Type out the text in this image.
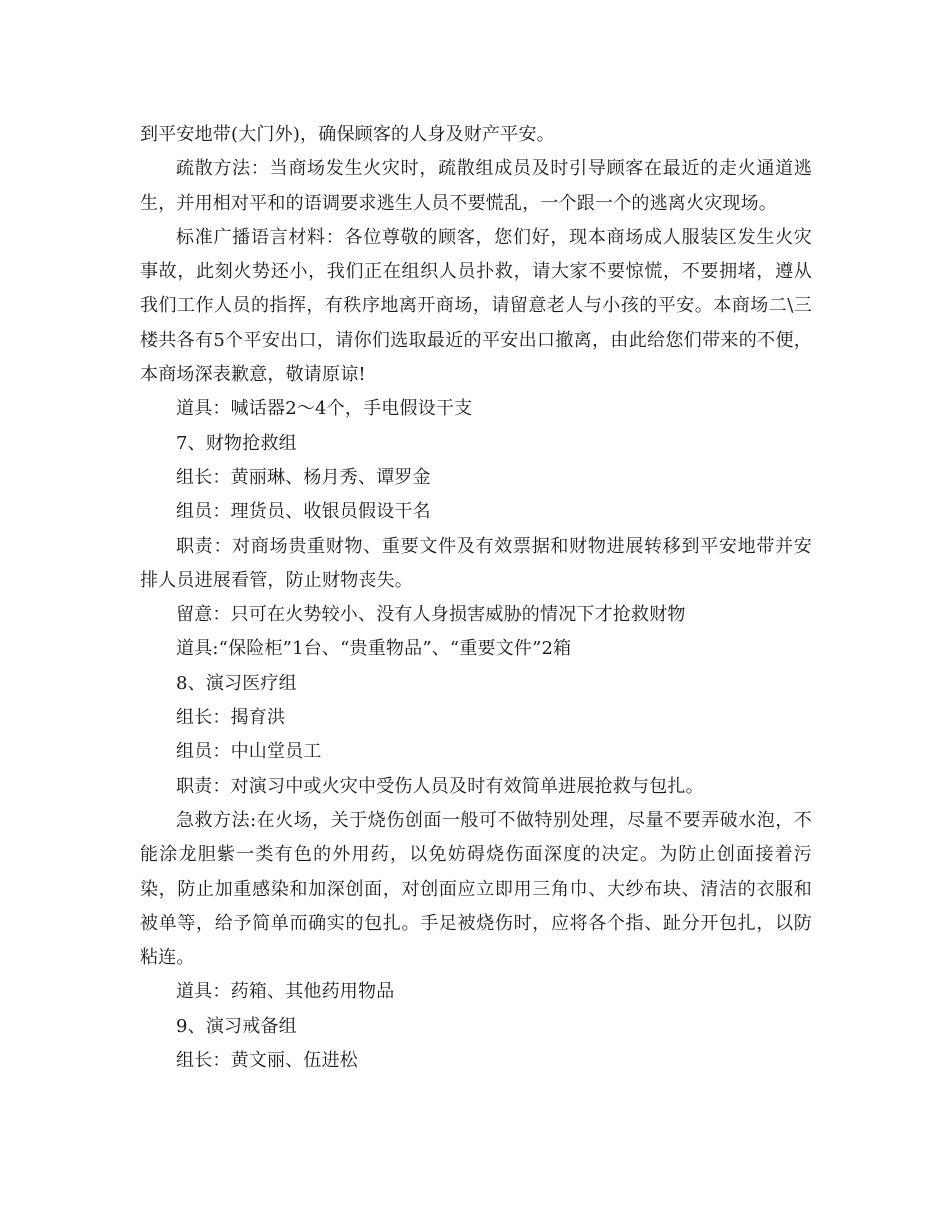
到平安地带(大门外)，确保顾客的人身及财产平安。

疏散方法：当商场发生火灾时，疏散组成员及时引导顾客在最近的走火通道逃生，并用相对平和的语调要求逃生人员不要慌乱，一个跟一个的逃离火灾现场。

标准广播语言材料：各位尊敬的顾客，您们好，现本商场成人服装区发生火灾事故，此刻火势还小，我们正在组织人员扑救，请大家不要惊慌，不要拥堵，遵从我们工作人员的指挥，有秩序地离开商场，请留意老人与小孩的平安。本商场二\三楼共各有5个平安出口，请你们选取最近的平安出口撤离，由此给您们带来的不便，本商场深表歉意，敬请原谅!

道具：喊话器2～4个，手电假设干支

7、财物抢救组

组长：黄丽琳、杨月秀、谭罗金

组员：理货员、收银员假设干名

职责：对商场贵重财物、重要文件及有效票据和财物进展转移到平安地带并安排人员进展看管，防止财物丧失。

留意：只可在火势较小、没有人身损害威胁的情况下才抢救财物

道具:“保险柜”1台、“贵重物品”、“重要文件”2箱

8、演习医疗组

组长：揭育洪

组员：中山堂员工

职责：对演习中或火灾中受伤人员及时有效简单进展抢救与包扎。

急救方法:在火场，关于烧伤创面一般可不做特别处理，尽量不要弄破水泡，不能涂龙胆紫一类有色的外用药，以免妨碍烧伤面深度的决定。为防止创面接着污染，防止加重感染和加深创面，对创面应立即用三角巾、大纱布块、清洁的衣服和被单等，给予简单而确实的包扎。手足被烧伤时，应将各个指、趾分开包扎，以防粘连。

道具：药箱、其他药用物品

9、演习戒备组

组长：黄文丽、伍进松
